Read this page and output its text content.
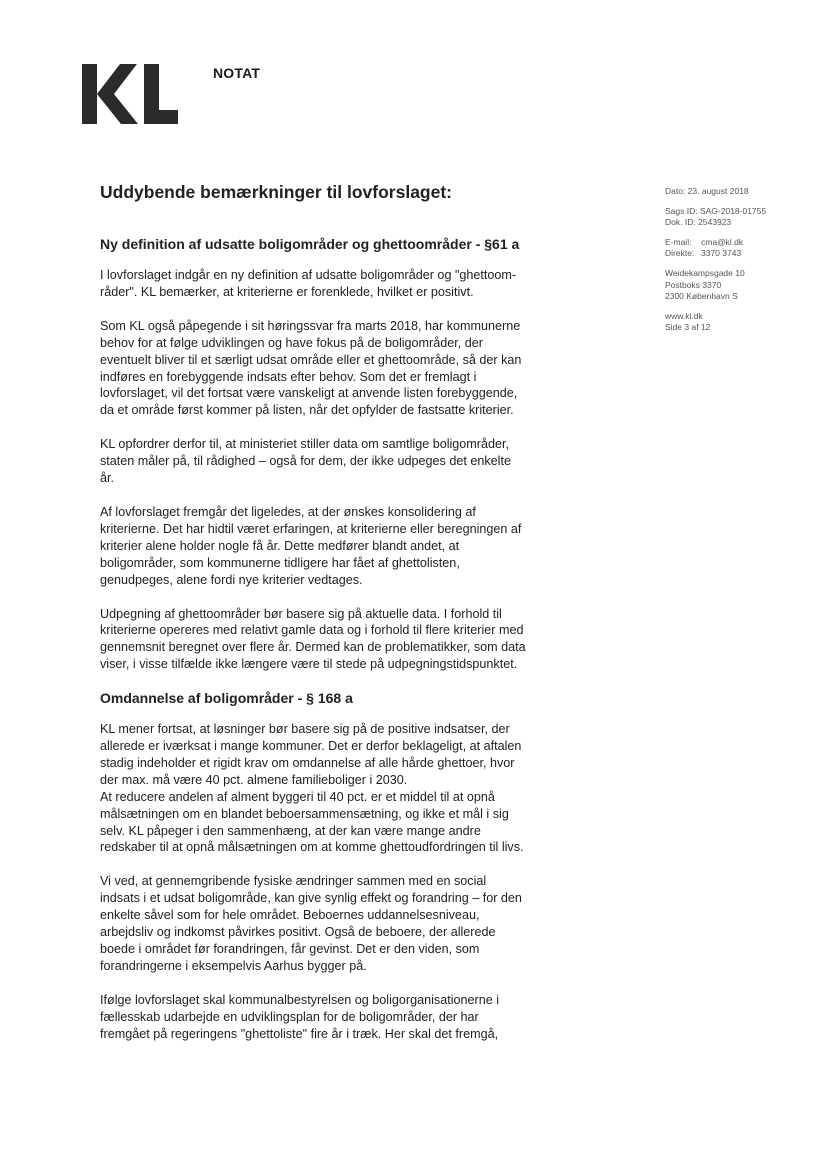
NOTAT
Dato: 23. august 2018
Sags ID: SAG-2018-01755
Dok. ID: 2543923
E-mail: cma@kl.dk
Direkte: 3370 3743
Weidekampsgade 10
Postboks 3370
2300 København S
www.kl.dk
Side 3 af 12
Uddybende bemærkninger til lovforslaget:
Ny definition af udsatte boligområder og ghettoområder - §61 a

I lovforslaget indgår en ny definition af udsatte boligområder og "ghettoom-
råder". KL bemærker, at kriterierne er forenklede, hvilket er positivt.

Som KL også påpegende i sit høringssvar fra marts 2018, har kommunerne
behov for at følge udviklingen og have fokus på de boligområder, der
eventuelt bliver til et særligt udsat område eller et ghettoområde, så der kan
indføres en forebyggende indsats efter behov. Som det er fremlagt i
lovforslaget, vil det fortsat være vanskeligt at anvende listen forebyggende,
da et område først kommer på listen, når det opfylder de fastsatte kriterier.

KL opfordrer derfor til, at ministeriet stiller data om samtlige boligområder,
staten måler på, til rådighed – også for dem, der ikke udpeges det enkelte
år.

Af lovforslaget fremgår det ligeledes, at der ønskes konsolidering af
kriterierne. Det har hidtil været erfaringen, at kriterierne eller beregningen af
kriterier alene holder nogle få år. Dette medfører blandt andet, at
boligområder, som kommunerne tidligere har fået af ghettolisten,
genudpeges, alene fordi nye kriterier vedtages.

Udpegning af ghettoområder bør basere sig på aktuelle data. I forhold til
kriterierne opereres med relativt gamle data og i forhold til flere kriterier med
gennemsnit beregnet over flere år. Dermed kan de problematikker, som data
viser, i visse tilfælde ikke længere være til stede på udpegningstidspunktet.

Omdannelse af boligområder - § 168 a

KL mener fortsat, at løsninger bør basere sig på de positive indsatser, der
allerede er iværksat i mange kommuner. Det er derfor beklageligt, at aftalen
stadig indeholder et rigidt krav om omdannelse af alle hårde ghettoer, hvor
der max. må være 40 pct. almene familieboliger i 2030.
At reducere andelen af alment byggeri til 40 pct. er et middel til at opnå
målsætningen om en blandet beboersammensætning, og ikke et mål i sig
selv. KL påpeger i den sammenhæng, at der kan være mange andre
redskaber til at opnå målsætningen om at komme ghettoudfordringen til livs.

Vi ved, at gennemgribende fysiske ændringer sammen med en social
indsats i et udsat boligområde, kan give synlig effekt og forandring – for den
enkelte såvel som for hele området. Beboernes uddannelsesniveau,
arbejdsliv og indkomst påvirkes positivt. Også de beboere, der allerede
boede i området før forandringen, får gevinst. Det er den viden, som
forandringerne i eksempelvis Aarhus bygger på.

Ifølge lovforslaget skal kommunalbestyrelsen og boligorganisationerne i
fællesskab udarbejde en udviklingsplan for de boligområder, der har
fremgået på regeringens "ghettoliste" fire år i træk. Her skal det fremgå,
